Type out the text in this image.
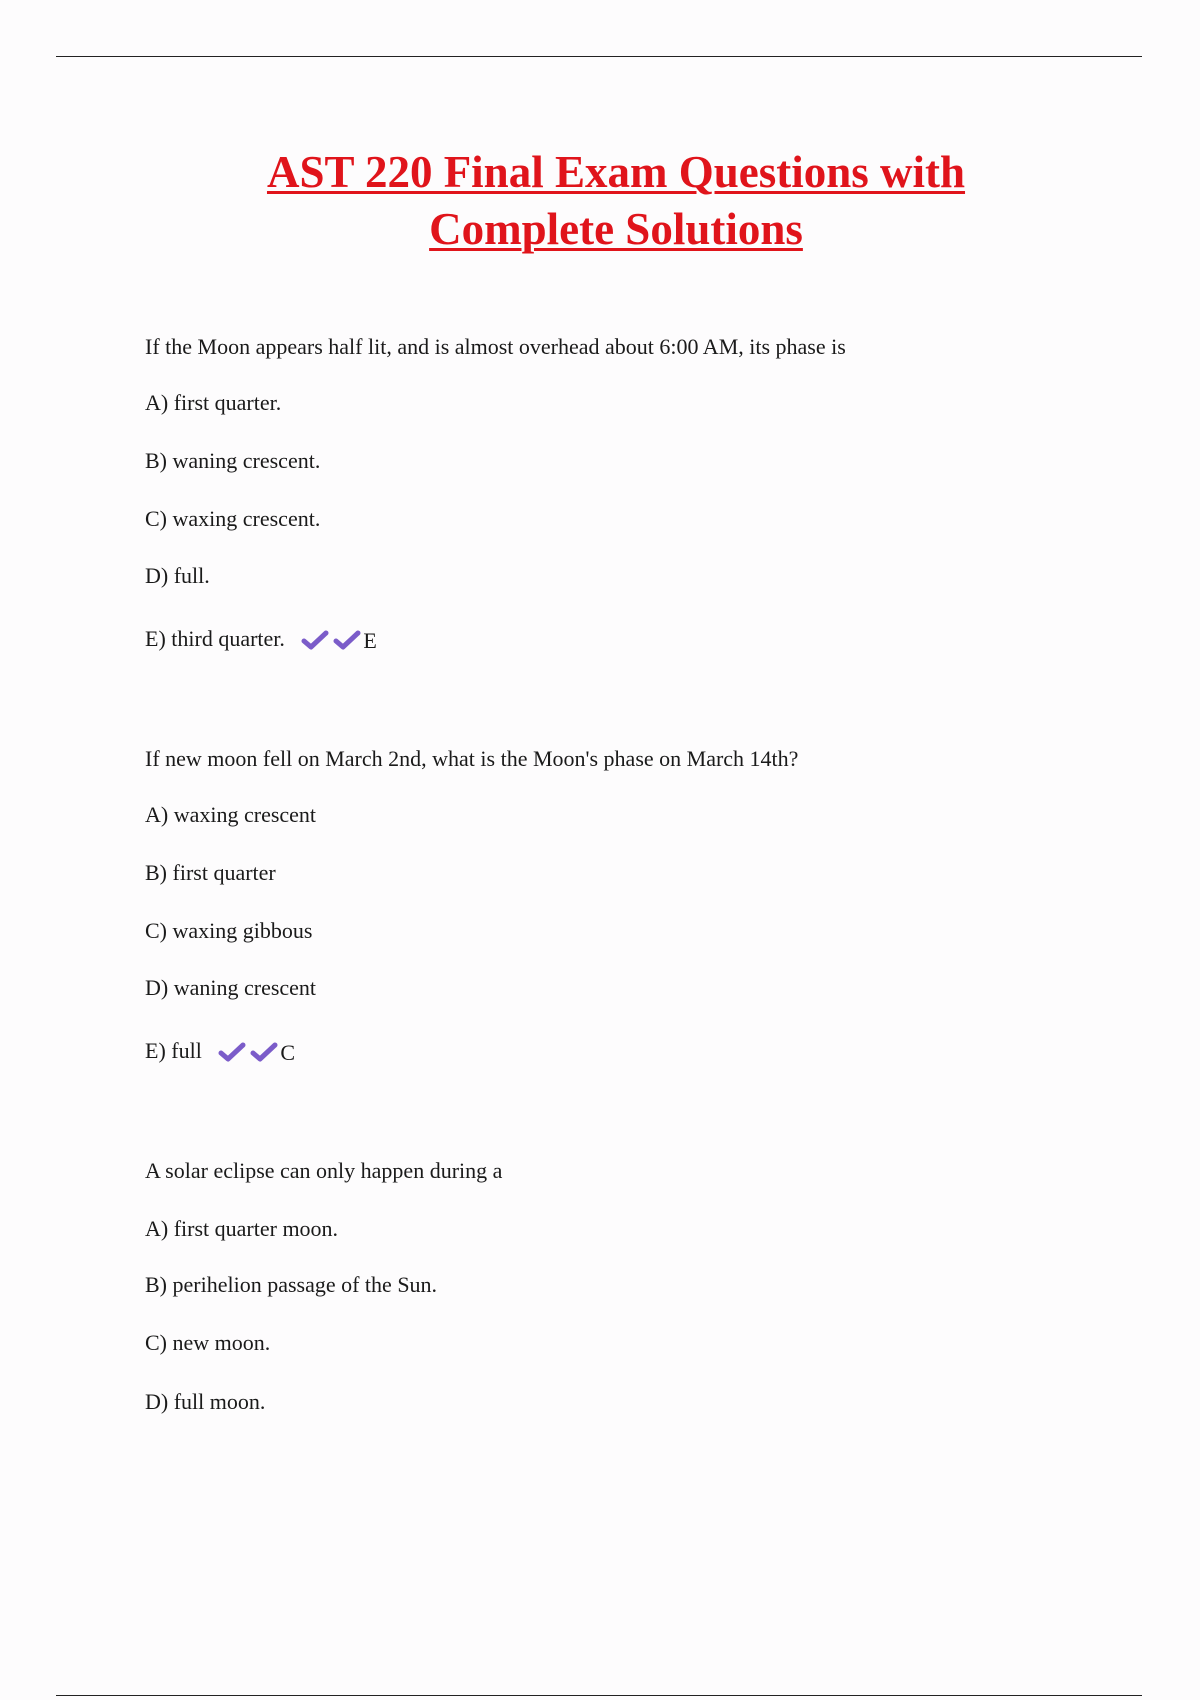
AST 220 Final Exam Questions with
Complete Solutions
If the Moon appears half lit, and is almost overhead about 6:00 AM, its phase is
A) first quarter.
B) waning crescent.
C) waxing crescent.
D) full.
E) third quarter.	E
If new moon fell on March 2nd, what is the Moon's phase on March 14th?
A) waxing crescent
B) first quarter
C) waxing gibbous
D) waning crescent
E) full	C
A solar eclipse can only happen during a
A) first quarter moon.
B) perihelion passage of the Sun.
C) new moon.
D) full moon.
